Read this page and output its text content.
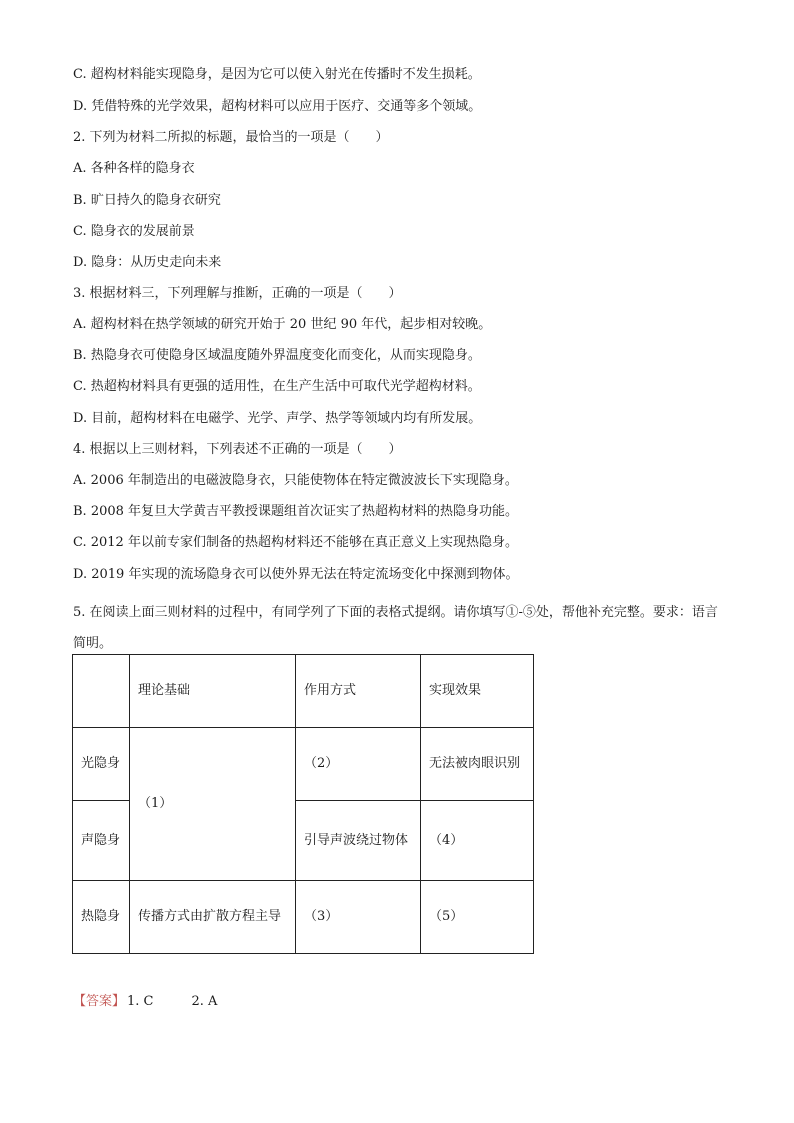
C. 超构材料能实现隐身，是因为它可以使入射光在传播时不发生损耗。
D. 凭借特殊的光学效果，超构材料可以应用于医疗、交通等多个领域。
2. 下列为材料二所拟的标题，最恰当的一项是（　　）
A. 各种各样的隐身衣
B. 旷日持久的隐身衣研究
C. 隐身衣的发展前景
D. 隐身：从历史走向未来
3. 根据材料三，下列理解与推断，正确的一项是（　　）
A. 超构材料在热学领域的研究开始于 20 世纪 90 年代，起步相对较晚。
B. 热隐身衣可使隐身区域温度随外界温度变化而变化，从而实现隐身。
C. 热超构材料具有更强的适用性，在生产生活中可取代光学超构材料。
D. 目前，超构材料在电磁学、光学、声学、热学等领域内均有所发展。
4. 根据以上三则材料，下列表述不正确的一项是（　　）
A. 2006 年制造出的电磁波隐身衣，只能使物体在特定微波波长下实现隐身。
B. 2008 年复旦大学黄吉平教授课题组首次证实了热超构材料的热隐身功能。
C. 2012 年以前专家们制备的热超构材料还不能够在真正意义上实现热隐身。
D. 2019 年实现的流场隐身衣可以使外界无法在特定流场变化中探测到物体。
5. 在阅读上面三则材料的过程中，有同学列了下面的表格式提纲。请你填写①-⑤处，帮他补充完整。要求：语言简明。
	理论基础	作用方式	实现效果
光隐身	（1）	（2）	无法被肉眼识别
声隐身		引导声波绕过物体	（4）
热隐身	传播方式由扩散方程主导	（3）	（5）
【答案】 1. C	2. A
